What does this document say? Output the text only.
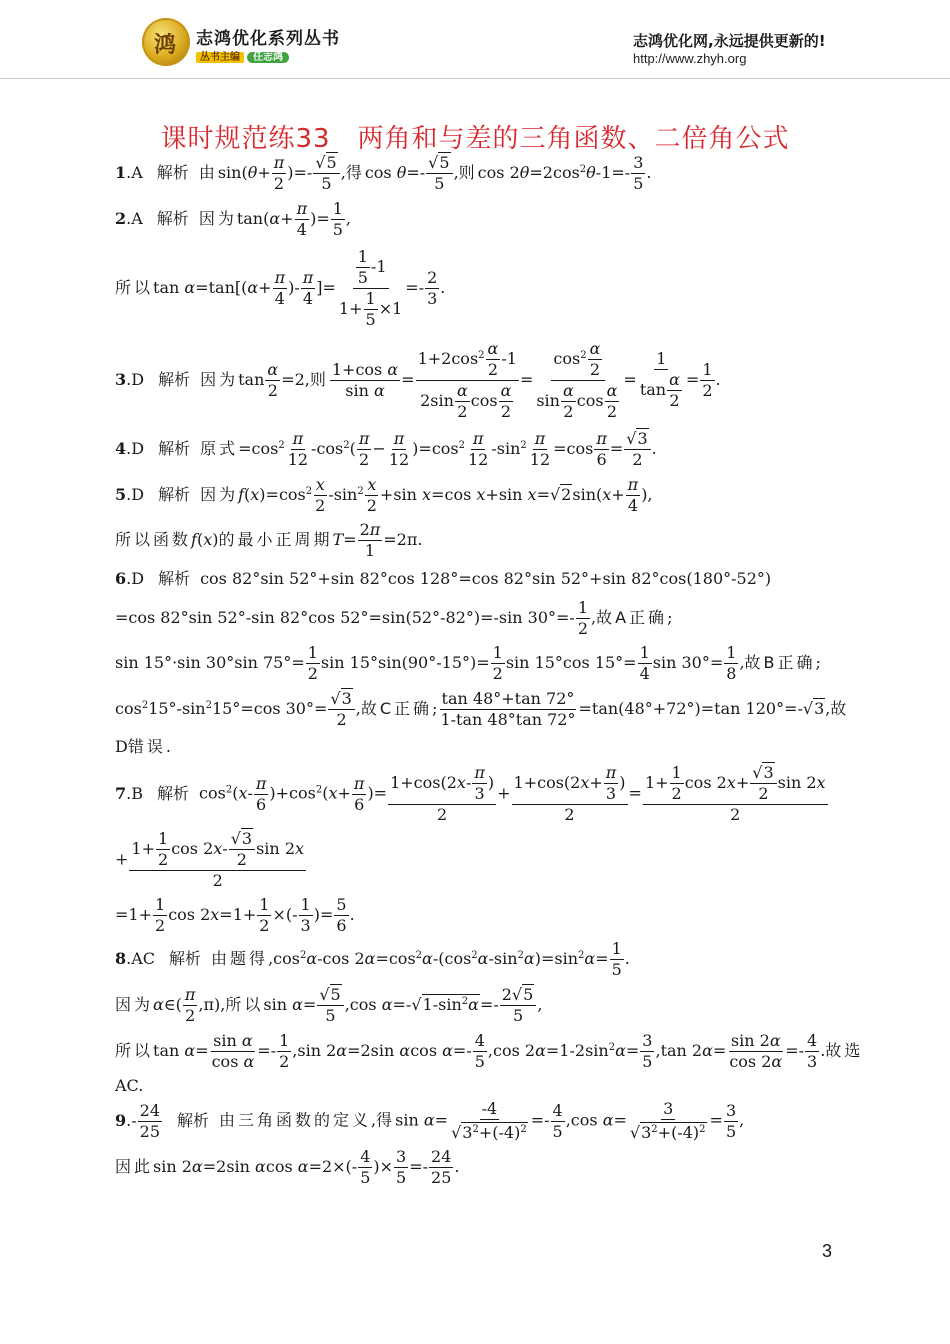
鸿
志鸿优化系列丛书
丛书主编 任志鸿
志鸿优化网,永远提供更新的!
http://www.zhyh.org
课时规范练33　两角和与差的三角函数、二倍角公式
1 . A 解析 由$\sin(\theta+ \frac{\pi}{2}$ )=- $\frac{√5}{5}$ ,得$\cos \theta=- \frac{√5}{5}$ ,则$\cos 2\theta=2\cos^2\theta-1=- \frac{3}{5}$ .
2 . A 解析 因为$\tan(\alpha+ \frac{\pi}{4}$ )= $\frac{1}{5}$ ,
所以$\tan \alpha=\tan[(\alpha+ \frac{\pi}{4}$ )- $\frac{\pi}{4}$ ]= $\frac{\frac{1}{5} -1}{1+ \frac{1}{5} \times 1} =- \frac{2}{3}$ .
3 . D 解析 因为$\tan \frac{\alpha}{2} =2$,则 $\frac{\text{1+cos α}}{\text{sin α}} = \frac{1+2\cos^2 \frac{\alpha}{2} -1}{2\sin \frac{\alpha}{2} \cos \frac{\alpha}{2}} = \frac{\cos^2 \frac{\alpha}{2}}{\sin \frac{\alpha}{2} \cos \frac{\alpha}{2}} = \frac{1}{\tan \frac{\alpha}{2}} = \frac{1}{2}$ .
4 . D 解析 原式$=\cos^2 \frac{\pi}{12} -\cos^2( \frac{\pi}{2} - \frac{\pi}{12} )=\cos^2 \frac{\pi}{12} -\sin^2 \frac{\pi}{12} =\cos \frac{\pi}{6} = \frac{√3}{2}$ .
5 . D 解析 因为$f(x)=\cos^2 \frac{x}{2} -\sin^2 \frac{x}{2} +\sin$ x=cos x+sin $x=√2\sin(x+ \frac{\pi}{4}$ ),
所以函数f(x)的最小正周期$T= \frac{2\pi}{1} =2\pi$.
6 . D 解析 cos 82°sin 52°+sin 82°cos 128°=cos 82°sin 52°+sin 82°cos(180°-52°)
=cos 82°sin 52°-sin 82°cos 52°=sin(52°-82°)=-sin $30^\circ=- \frac{1}{2}$ ,故A正确;
sin 15°·sin 30°sin $75^\circ= \frac{1}{2}$ $\sin 15^\circ\sin(90^\circ-15^\circ)= \frac{1}{2}$ sin 15°cos $15^\circ= \frac{1}{4}$ $\sin 30^\circ= \frac{1}{8}$ ,故B正确;
$\cos^215^\circ-\sin^215^\circ=\cos$ $30^\circ= \frac{√3}{2}$ ,故C正确; $\frac{\tan 48^\circ+\tan 72^\circ}{1-\tan 48^\circ\tan 72^\circ} =\tan(48^\circ+72^\circ)=\tan$ 120°=-√3,故
D错误.
7 . B 解析 $\cos^2(x- \frac{\pi}{6} )+\cos^2(x+ \frac{\pi}{6}$ )= $\frac{1+\cos(2x- \frac{\pi}{3} )}{2} + \frac{1+\cos(2x+ \frac{\pi}{3} )}{2} = \frac{1+ \frac{1}{2} \cos 2x+ \frac{√3}{2} \sin 2x}{2}$
+ $\frac{1+ \frac{1}{2} \cos 2x- \frac{√3}{2} \sin 2x}{2}$
$=1+ \frac{1}{2}$ $\cos 2x=1+ \frac{1}{2}$ ×(- $\frac{1}{3}$ )= $\frac{5}{6}$ .
8 . AC 解析 由题得$,\cos^2\alpha-\cos$ $2\alpha=\cos^2\alpha-(\cos^2\alpha-\sin^2\alpha)=\sin^2\alpha= \frac{1}{5}$ .
因为α∈( $\frac{\pi}{2} ,\pi$),所以$\sin \alpha= \frac{√5}{5} ,\cos$ $\alpha=-√1-\sin^2\alpha=- \frac{2√5}{5}$ ,
所以$\tan \alpha= \frac{\text{sin α}}{\text{cos α}} =- \frac{1}{2} ,\sin$ 2α=2sin αcos $\alpha=- \frac{4}{5} ,\cos$ $2\alpha=1-2\sin^2\alpha= \frac{3}{5} ,\tan$ $2\alpha= \frac{\sin 2\alpha}{\cos 2\alpha} =- \frac{4}{3}$ .故选
AC.
9 .-
24
25
解析 由三角函数的定义,得$\sin \alpha= \frac{-4}{√3^2+(-4)^2} =- \frac{4}{5} ,\cos$ $\alpha= \frac{3}{√3^2+(-4)^2} = \frac{3}{5}$ ,
因此sin 2α=2sin αcos $\alpha=2\times(- \frac{4}{5}$ )× $\frac{3}{5} =- \frac{24}{25}$ .
3
